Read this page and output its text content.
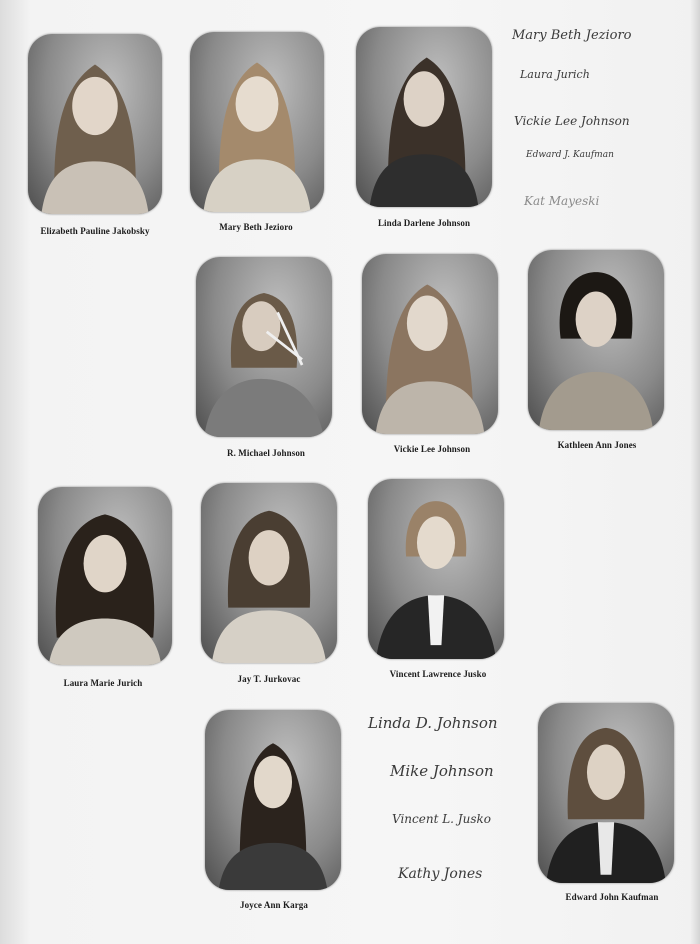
Elizabeth Pauline Jakobsky	Mary Beth Jezioro	Linda Darlene Johnson
Mary Beth Jezioro
Laura Jurich
Vickie Lee Johnson
Edward J. Kaufman
Kat Mayeski
R. Michael Johnson	Vickie Lee Johnson	Kathleen Ann Jones
Laura Marie Jurich	Jay T. Jurkovac	Vincent Lawrence Jusko
Joyce Ann Karga
Linda D. Johnson
Mike Johnson
Vincent L. Jusko
Kathy Jones
Edward John Kaufman
